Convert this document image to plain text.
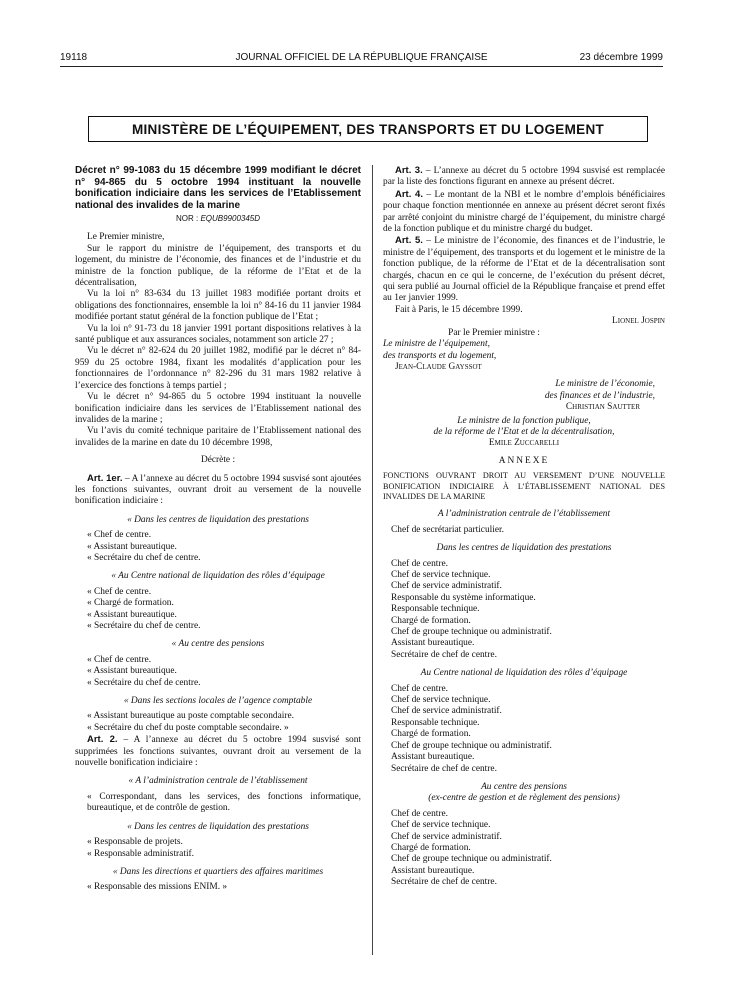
19118	JOURNAL OFFICIEL DE LA RÉPUBLIQUE FRANÇAISE	23 décembre 1999
MINISTÈRE DE L’ÉQUIPEMENT, DES TRANSPORTS ET DU LOGEMENT
Décret n° 99-1083 du 15 décembre 1999 modifiant le décret n° 94-865 du 5 octobre 1994 instituant la nouvelle bonification indiciaire dans les services de l’Etablissement national des invalides de la marine
NOR : EQUB9900345D

Le Premier ministre,

Sur le rapport du ministre de l’équipement, des transports et du logement, du ministre de l’économie, des finances et de l’industrie et du ministre de la fonction publique, de la réforme de l’Etat et de la décentralisation,

Vu la loi n° 83-634 du 13 juillet 1983 modifiée portant droits et obligations des fonctionnaires, ensemble la loi n° 84-16 du 11 janvier 1984 modifiée portant statut général de la fonction publique de l’Etat ;

Vu la loi n° 91-73 du 18 janvier 1991 portant dispositions relatives à la santé publique et aux assurances sociales, notamment son article 27 ;

Vu le décret n° 82-624 du 20 juillet 1982, modifié par le décret n° 84-959 du 25 octobre 1984, fixant les modalités d’application pour les fonctionnaires de l’ordonnance n° 82-296 du 31 mars 1982 relative à l’exercice des fonctions à temps partiel ;

Vu le décret n° 94-865 du 5 octobre 1994 instituant la nouvelle bonification indiciaire dans les services de l’Etablissement national des invalides de la marine ;

Vu l’avis du comité technique paritaire de l’Etablissement national des invalides de la marine en date du 10 décembre 1998,

Décrète :

Art. 1er. – A l’annexe au décret du 5 octobre 1994 susvisé sont ajoutées les fonctions suivantes, ouvrant droit au versement de la nouvelle bonification indiciaire :

« Dans les centres de liquidation des prestations
« Chef de centre.
« Assistant bureautique.
« Secrétaire du chef de centre.
« Au Centre national de liquidation des rôles d’équipage
« Chef de centre.
« Chargé de formation.
« Assistant bureautique.
« Secrétaire du chef de centre.
« Au centre des pensions
« Chef de centre.
« Assistant bureautique.
« Secrétaire du chef de centre.
« Dans les sections locales de l’agence comptable
« Assistant bureautique au poste comptable secondaire.
« Secrétaire du chef du poste comptable secondaire. »

Art. 2. – A l’annexe au décret du 5 octobre 1994 susvisé sont supprimées les fonctions suivantes, ouvrant droit au versement de la nouvelle bonification indiciaire :

« A l’administration centrale de l’établissement
« Correspondant, dans les services, des fonctions informatique, bureautique, et de contrôle de gestion.
« Dans les centres de liquidation des prestations
« Responsable de projets.
« Responsable administratif.
« Dans les directions et quartiers des affaires maritimes
« Responsable des missions ENIM. »

Art. 3. – L’annexe au décret du 5 octobre 1994 susvisé est remplacée par la liste des fonctions figurant en annexe au présent décret.

Art. 4. – Le montant de la NBI et le nombre d’emplois bénéficiaires pour chaque fonction mentionnée en annexe au présent décret seront fixés par arrêté conjoint du ministre chargé de l’équipement, du ministre chargé de la fonction publique et du ministre chargé du budget.

Art. 5. – Le ministre de l’économie, des finances et de l’industrie, le ministre de l’équipement, des transports et du logement et le ministre de la fonction publique, de la réforme de l’Etat et de la décentralisation sont chargés, chacun en ce qui le concerne, de l’exécution du présent décret, qui sera publié au Journal officiel de la République française et prend effet au 1er janvier 1999.

Fait à Paris, le 15 décembre 1999.

Lionel Jospin

Par le Premier ministre :

Le ministre de l’équipement,
des transports et du logement,
Jean-Claude Gayssot
Le ministre de l’économie,
des finances et de l’industrie,
Christian Sautter
Le ministre de la fonction publique,
de la réforme de l’Etat et de la décentralisation,
Emile Zuccarelli
ANNEXE
FONCTIONS OUVRANT DROIT AU VERSEMENT D’UNE NOUVELLE BONIFICATION INDICIAIRE À L’ÉTABLISSEMENT NATIONAL DES INVALIDES DE LA MARINE
A l’administration centrale de l’établissement
Chef de secrétariat particulier.
Dans les centres de liquidation des prestations
Chef de centre.
Chef de service technique.
Chef de service administratif.
Responsable du système informatique.
Responsable technique.
Chargé de formation.
Chef de groupe technique ou administratif.
Assistant bureautique.
Secrétaire de chef de centre.
Au Centre national de liquidation des rôles d’équipage
Chef de centre.
Chef de service technique.
Chef de service administratif.
Responsable technique.
Chargé de formation.
Chef de groupe technique ou administratif.
Assistant bureautique.
Secrétaire de chef de centre.
Au centre des pensions
(ex-centre de gestion et de règlement des pensions)
Chef de centre.
Chef de service technique.
Chef de service administratif.
Chargé de formation.
Chef de groupe technique ou administratif.
Assistant bureautique.
Secrétaire de chef de centre.
